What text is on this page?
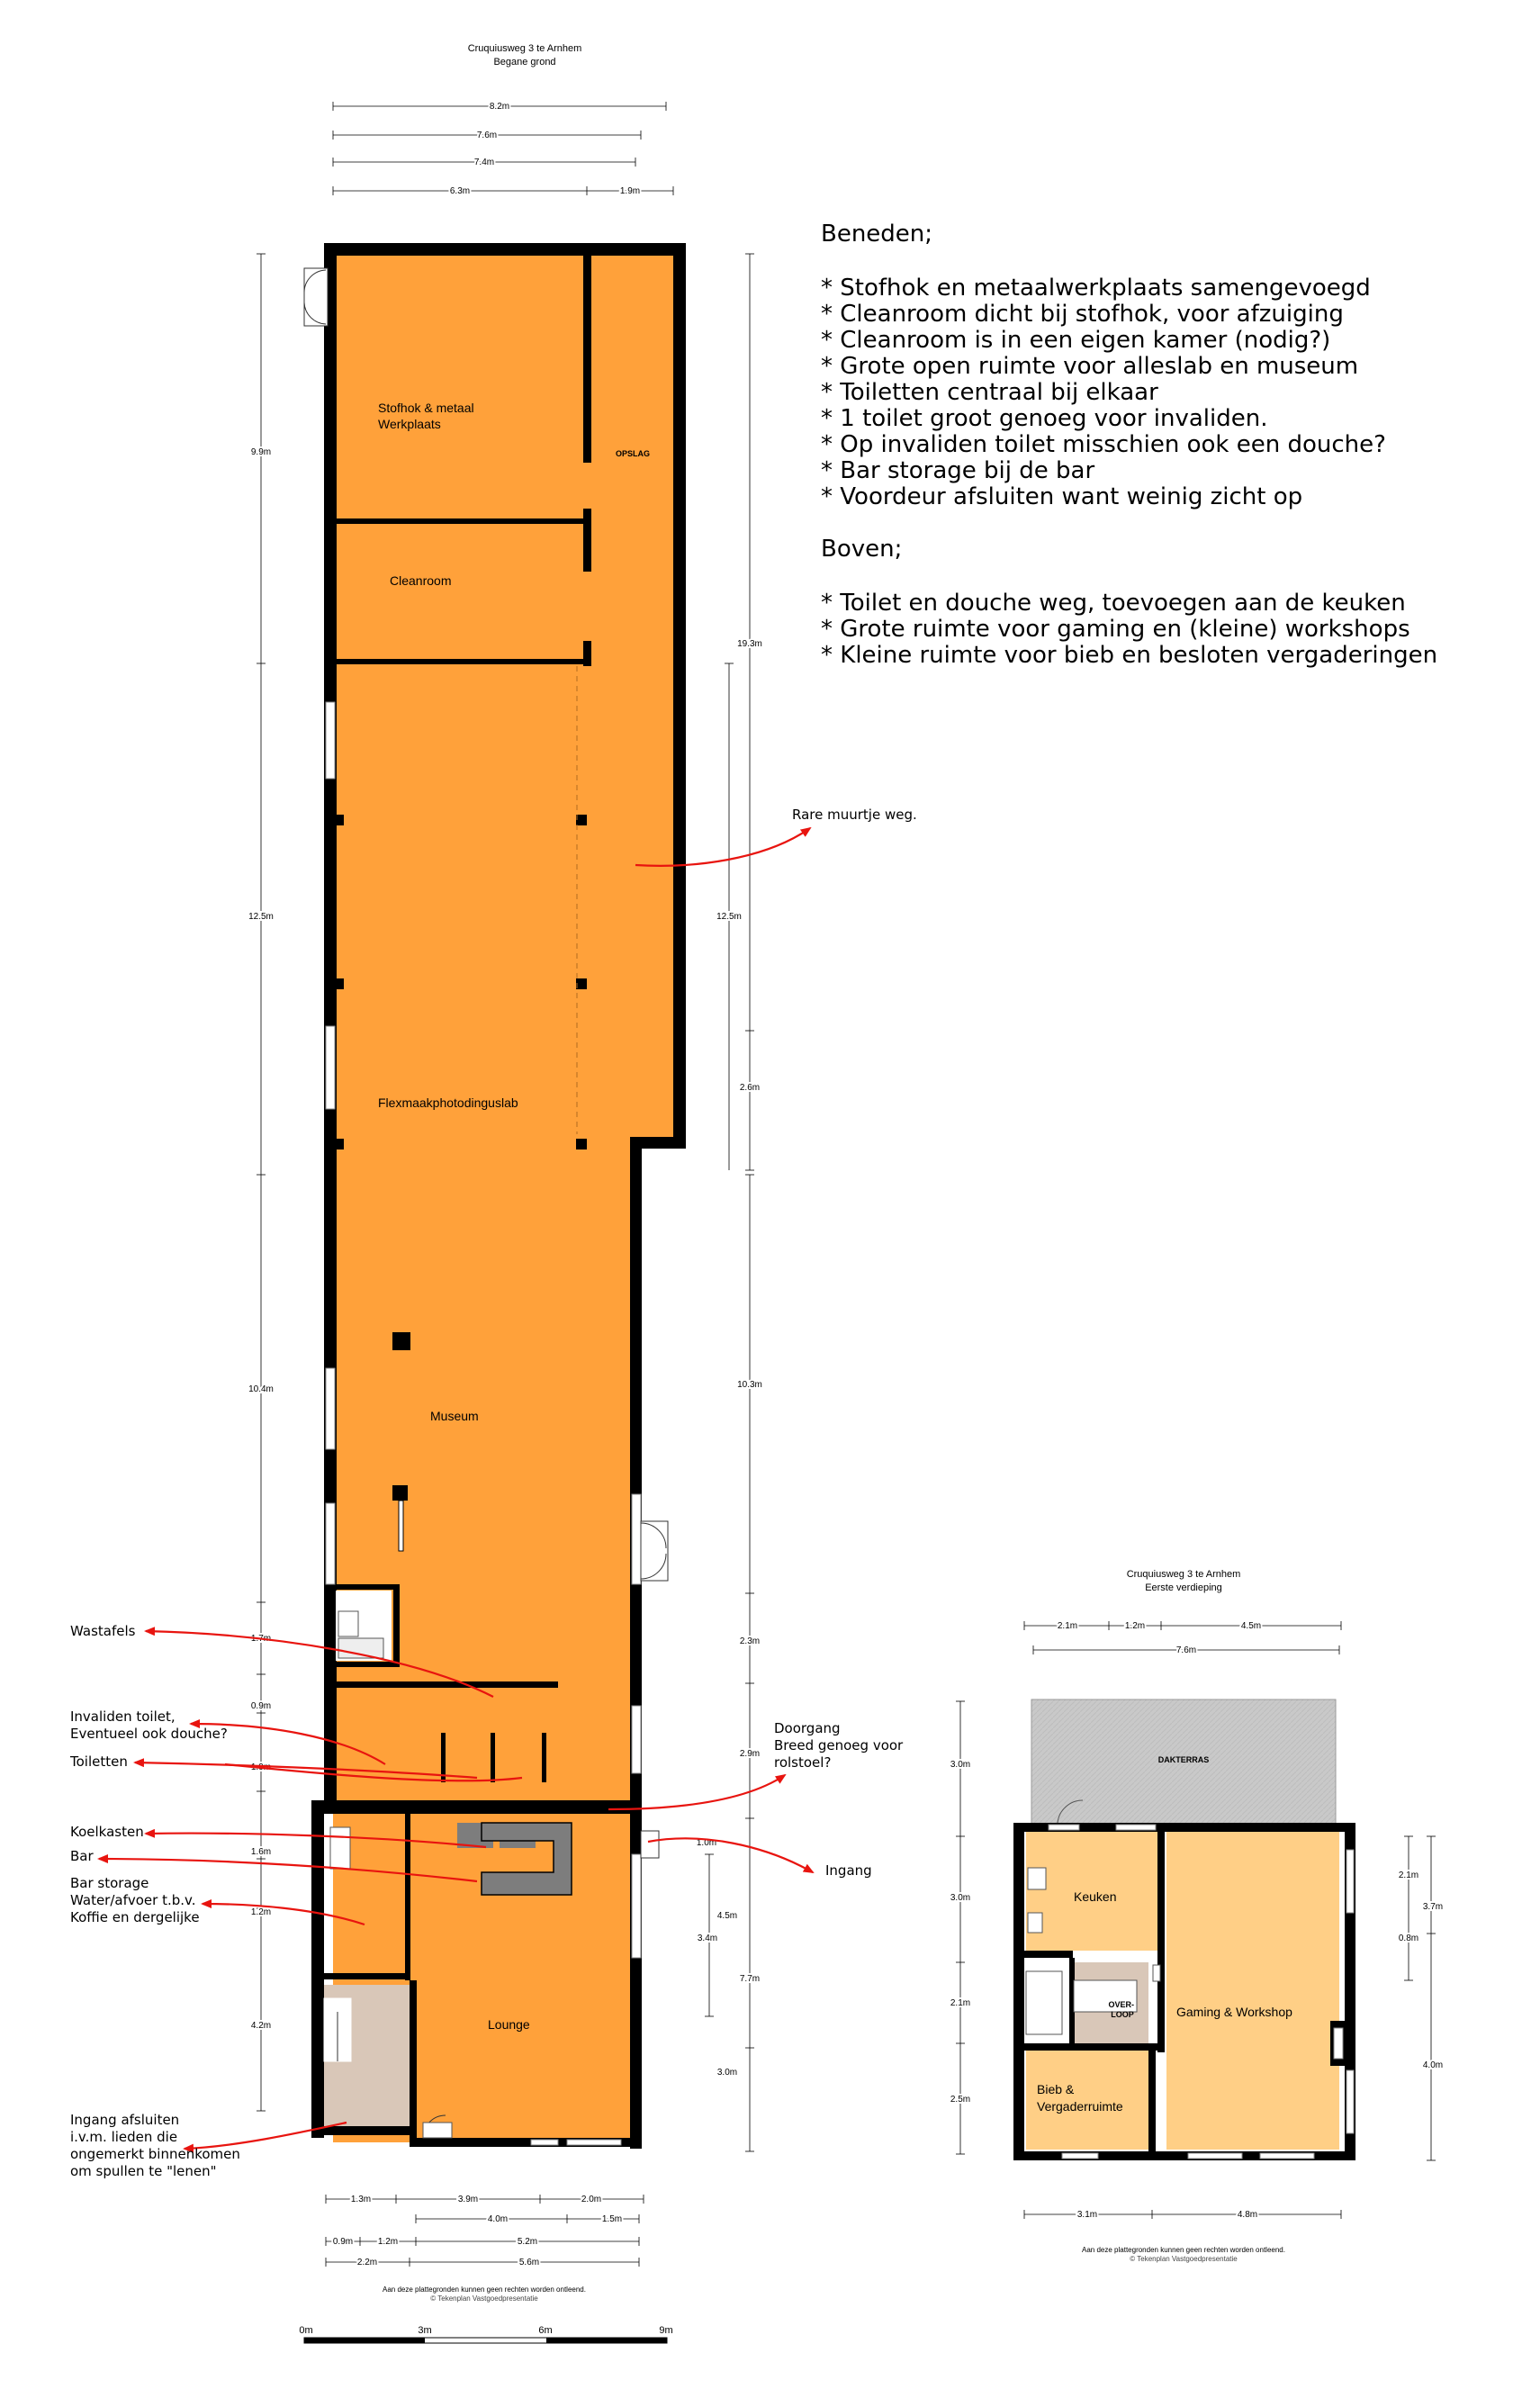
Cruquiusweg 3 te Arnhem
Begane grond
8.2m
7.6m
7.4m
6.3m	1.9m
9.9m
12.5m
10.4m
1.7m
0.9m
1.9m
1.6m
1.2m
4.2m
19.3m
12.5m
2.6m
10.3m
2.3m
2.9m
1.0m
4.5m
3.4m
7.7m
3.0m
Stofhok & metaal Werkplaats
Cleanroom
Flexmaakphotodinguslab
Museum
Lounge
OPSLAG
1.3m	3.9m	2.0m
4.0m	1.5m
0.9m	1.2m	5.2m
2.2m	5.6m
Aan deze plattegronden kunnen geen rechten worden ontleend.
© Tekenplan Vastgoedpresentatie
0m	3m	6m	9m
Cruquiusweg 3 te Arnhem
Eerste verdieping
2.1m	1.2m	4.5m
7.6m
3.0m
3.0m
2.1m
2.5m
2.1m
3.7m
0.8m
4.0m
DAKTERRAS
Keuken
Gaming & Workshop
OVER- LOOP
Bieb & Vergaderruimte
3.1m	4.8m
Aan deze plattegronden kunnen geen rechten worden ontleend.
© Tekenplan Vastgoedpresentatie
Beneden;
* Stofhok en metaalwerkplaats samengevoegd
* Cleanroom dicht bij stofhok, voor afzuiging
* Cleanroom is in een eigen kamer (nodig?)
* Grote open ruimte voor alleslab en museum
* Toiletten centraal bij elkaar
* 1 toilet groot genoeg voor invaliden.
* Op invaliden toilet misschien ook een douche?
* Bar storage bij de bar
* Voordeur afsluiten want weinig zicht op
Boven;
* Toilet en douche weg, toevoegen aan de keuken
* Grote ruimte voor gaming en (kleine) workshops
* Kleine ruimte voor bieb en besloten vergaderingen
Rare muurtje weg.
Wastafels
Invaliden toilet,
Eventueel ook douche?
Toiletten
Doorgang
Breed genoeg voor
rolstoel?
Koelkasten
Bar
Ingang
Bar storage
Water/afvoer t.b.v.
Koffie en dergelijke
Ingang afsluiten
i.v.m. lieden die
ongemerkt binnenkomen
om spullen te "lenen"
